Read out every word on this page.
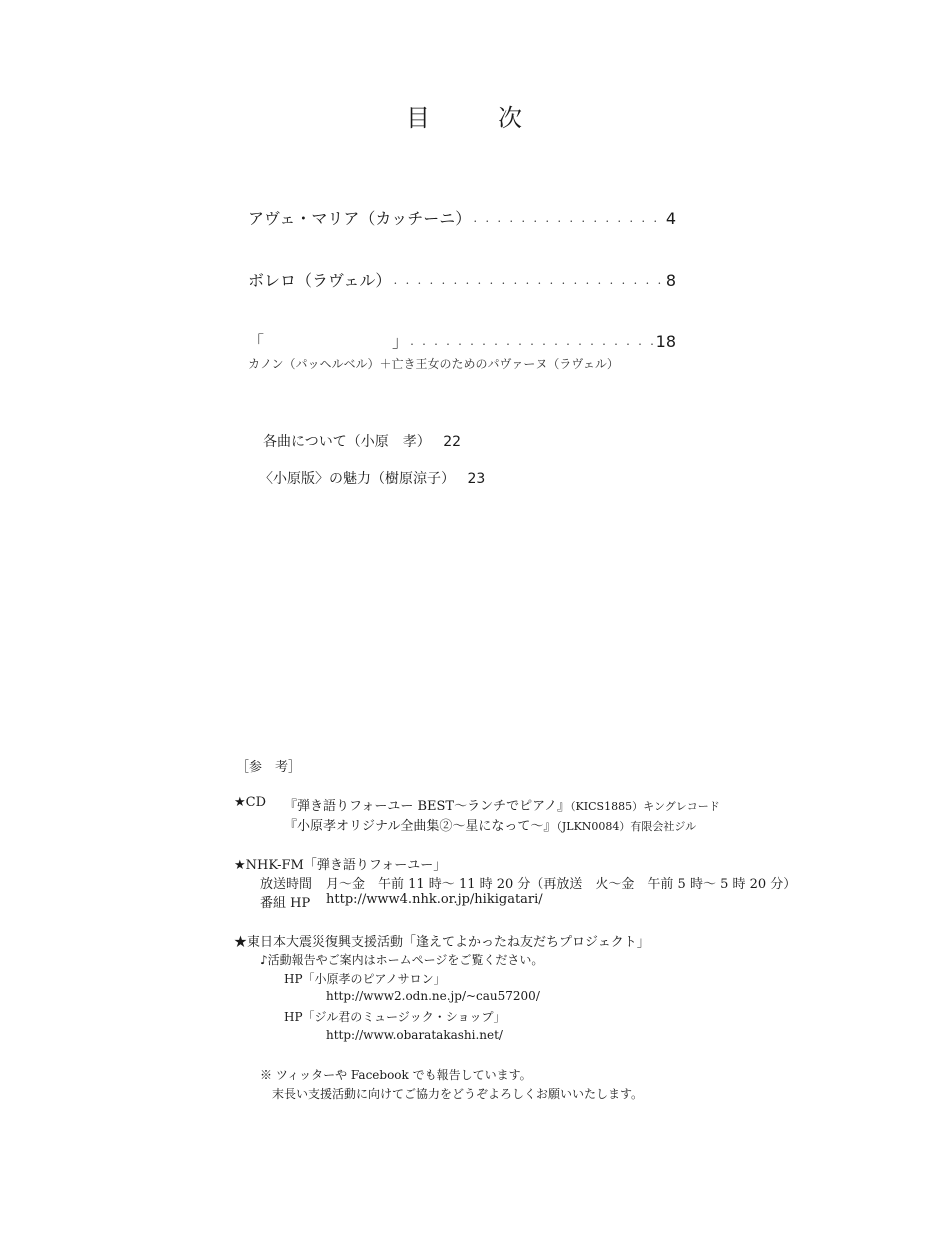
目　次
アヴェ・マリア（カッチーニ） ・・・・・・・・・・・・・・・・・・・・・・・・・・・・・・・・・・・・・・・・・・・・・・・・	4
ボレロ（ラヴェル） ・・・・・・・・・・・・・・・・・・・・・・・・・・・・・・・・・・・・・・・・・・・・・・・・	8
「　　　　　　　　」 ・・・・・・・・・・・・・・・・・・・・・・・・・・・・・・・・・・・・・・・・・・・・・・・・	18
カノン（パッヘルベル）＋亡き王女のためのパヴァーヌ（ラヴェル）
各曲について（小原　孝） 22
〈小原版〉の魅力（樹原涼子） 23
［参　考］
★CD 『弾き語りフォーユー BEST～ランチでピアノ』（KICS1885）キングレコード
『小原孝オリジナル全曲集②～星になって～』（JLKN0084）有限会社ジル
★NHK-FM「弾き語りフォーユー」
放送時間 月～金　午前 11 時～ 11 時 20 分（再放送　火～金　午前 5 時～ 5 時 20 分）
番組 HP http://www4.nhk.or.jp/hikigatari/
★東日本大震災復興支援活動「逢えてよかったね友だちプロジェクト」
♪活動報告やご案内はホームページをご覧ください。
HP「小原孝のピアノサロン」
http://www2.odn.ne.jp/~cau57200/
HP「ジル君のミュージック・ショップ」
http://www.obaratakashi.net/
※ ツィッターや Facebook でも報告しています。
末長い支援活動に向けてご協力をどうぞよろしくお願いいたします。
